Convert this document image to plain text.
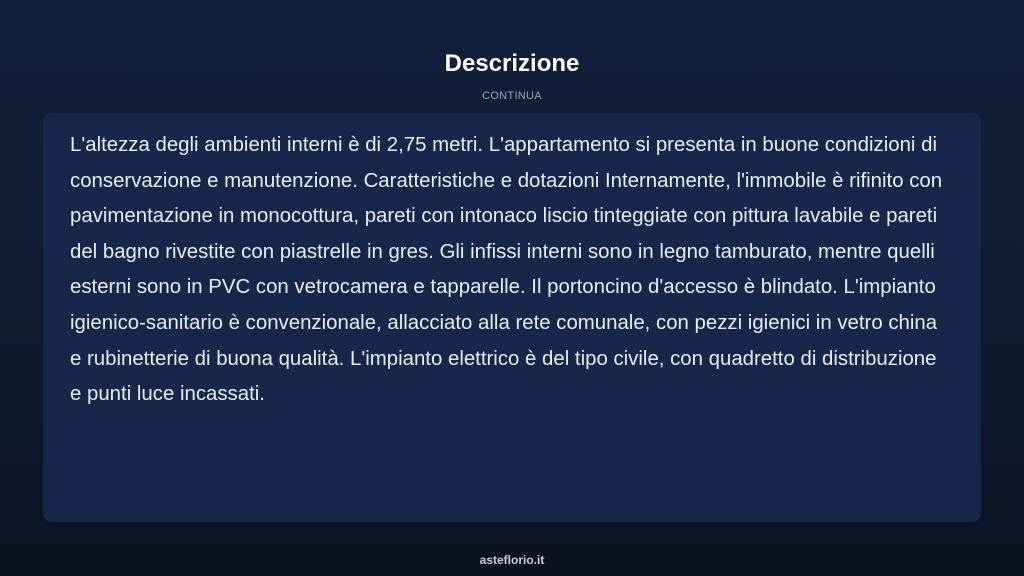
Descrizione
CONTINUA

L'altezza degli ambienti interni è di 2,75 metri. L'appartamento si presenta in buone condizioni di conservazione e manutenzione. Caratteristiche e dotazioni Internamente, l'immobile è rifinito con pavimentazione in monocottura, pareti con intonaco liscio tinteggiate con pittura lavabile e pareti del bagno rivestite con piastrelle in gres. Gli infissi interni sono in legno tamburato, mentre quelli esterni sono in PVC con vetrocamera e tapparelle. Il portoncino d'accesso è blindato. L'impianto igienico-sanitario è convenzionale, allacciato alla rete comunale, con pezzi igienici in vetro china e rubinetterie di buona qualità. L'impianto elettrico è del tipo civile, con quadretto di distribuzione e punti luce incassati.

asteflorio.it
